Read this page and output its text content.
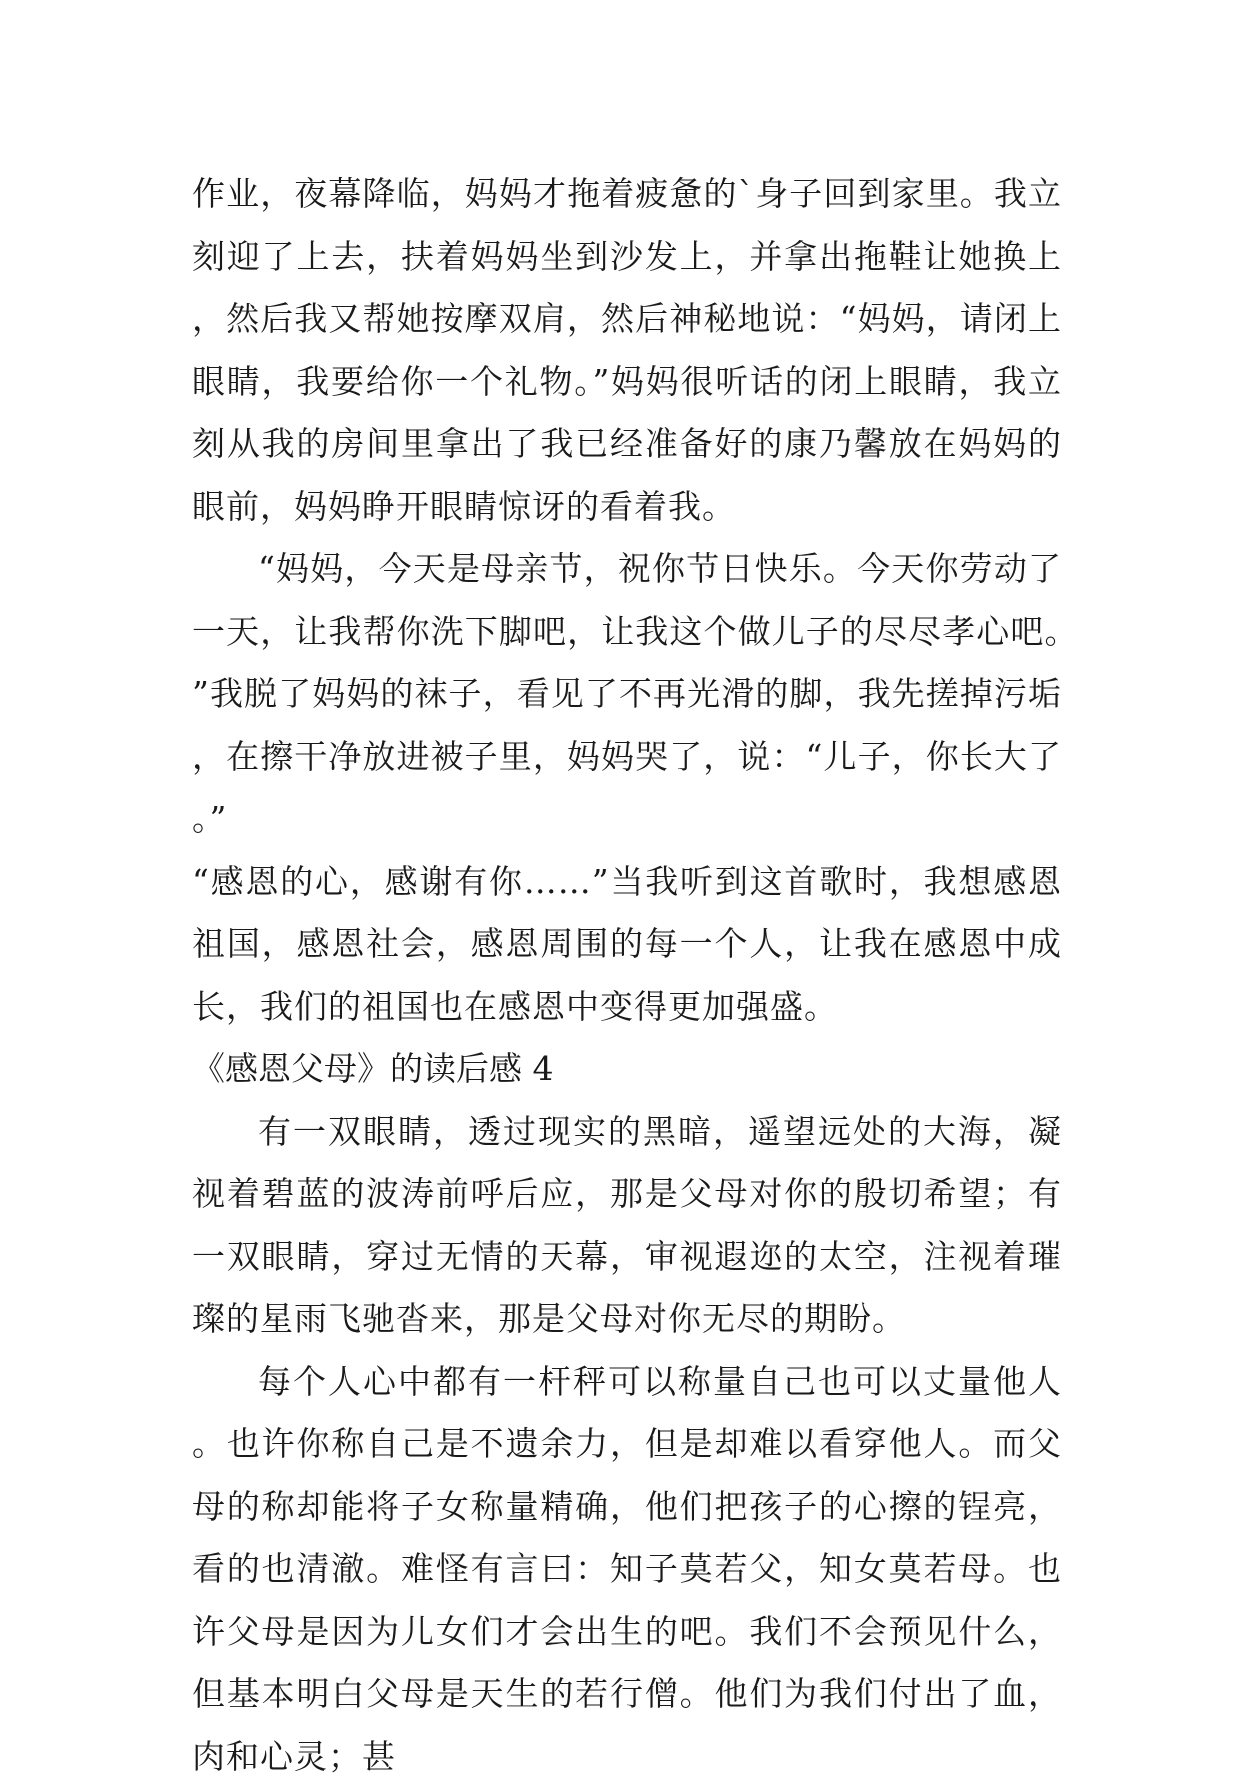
作业，夜幕降临，妈妈才拖着疲惫的`身子回到家里。我立刻迎了上去，扶着妈妈坐到沙发上，并拿出拖鞋让她换上，然后我又帮她按摩双肩，然后神秘地说：“妈妈，请闭上眼睛，我要给你一个礼物。”妈妈很听话的闭上眼睛，我立刻从我的房间里拿出了我已经准备好的康乃馨放在妈妈的眼前，妈妈睁开眼睛惊讶的看着我。

“妈妈，今天是母亲节，祝你节日快乐。今天你劳动了一天，让我帮你洗下脚吧，让我这个做儿子的尽尽孝心吧。”我脱了妈妈的袜子，看见了不再光滑的脚，我先搓掉污垢，在擦干净放进被子里，妈妈哭了，说：“儿子，你长大了。”

“感恩的心，感谢有你……”当我听到这首歌时，我想感恩祖国，感恩社会，感恩周围的每一个人，让我在感恩中成长，我们的祖国也在感恩中变得更加强盛。

《感恩父母》的读后感 4

有一双眼睛，透过现实的黑暗，遥望远处的大海，凝视着碧蓝的波涛前呼后应，那是父母对你的殷切希望；有一双眼睛，穿过无情的天幕，审视遐迩的太空，注视着璀璨的星雨飞驰沓来，那是父母对你无尽的期盼。

每个人心中都有一杆秤可以称量自己也可以丈量他人。也许你称自己是不遗余力，但是却难以看穿他人。而父母的称却能将子女称量精确，他们把孩子的心擦的锃亮，看的也清澈。难怪有言曰：知子莫若父，知女莫若母。也许父母是因为儿女们才会出生的吧。我们不会预见什么，但基本明白父母是天生的若行僧。他们为我们付出了血，肉和心灵；甚
